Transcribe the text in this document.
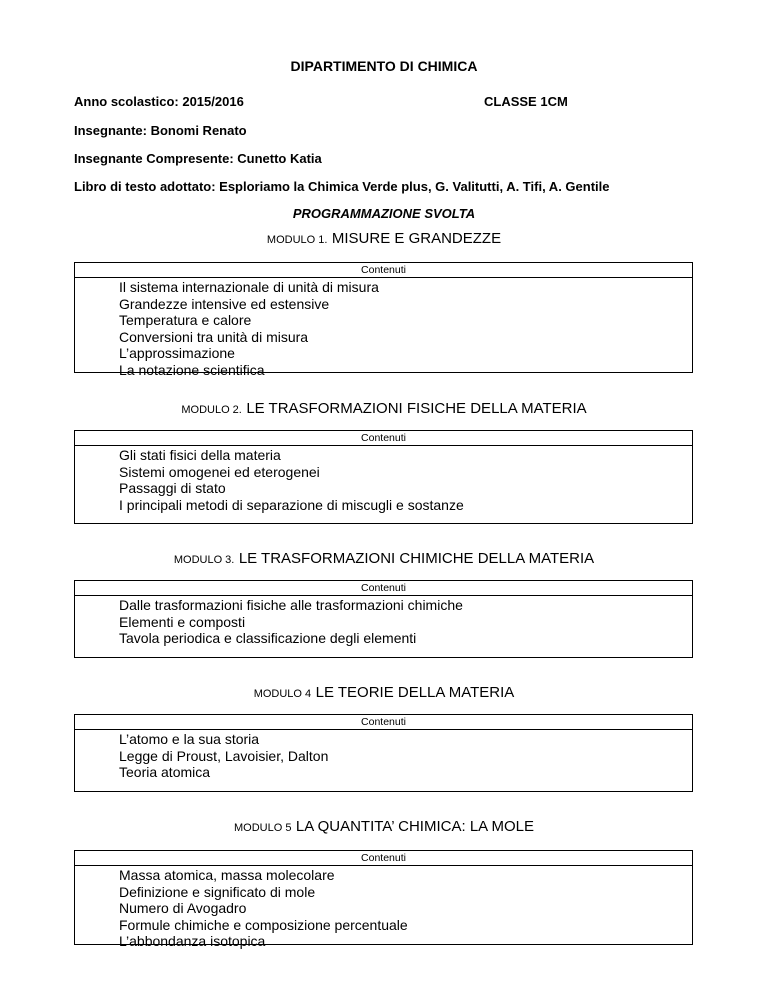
DIPARTIMENTO DI CHIMICA
Anno scolastico: 2015/2016	CLASSE 1CM
Insegnante: Bonomi Renato
Insegnante Compresente: Cunetto Katia
Libro di testo adottato: Esploriamo la Chimica Verde plus, G. Valitutti, A. Tifi, A. Gentile
PROGRAMMAZIONE SVOLTA
MODULO 1. MISURE E GRANDEZZE
Contenuti
Il sistema internazionale di unità di misura
Grandezze intensive ed estensive
Temperatura e calore
Conversioni tra unità di misura
L’approssimazione
La notazione scientifica
MODULO 2. LE TRASFORMAZIONI FISICHE DELLA MATERIA
Contenuti
Gli stati fisici della materia
Sistemi omogenei ed eterogenei
Passaggi di stato
I principali metodi di separazione di miscugli e sostanze
MODULO 3. LE TRASFORMAZIONI CHIMICHE DELLA MATERIA
Contenuti
Dalle trasformazioni fisiche alle trasformazioni chimiche
Elementi e composti
Tavola periodica e classificazione degli elementi
MODULO 4 LE TEORIE DELLA MATERIA
Contenuti
L’atomo e la sua storia
Legge di Proust, Lavoisier, Dalton
Teoria atomica
MODULO 5 LA QUANTITA’ CHIMICA: LA MOLE
Contenuti
Massa atomica, massa molecolare
Definizione e significato di mole
Numero di Avogadro
Formule chimiche e composizione percentuale
L’abbondanza isotopica
